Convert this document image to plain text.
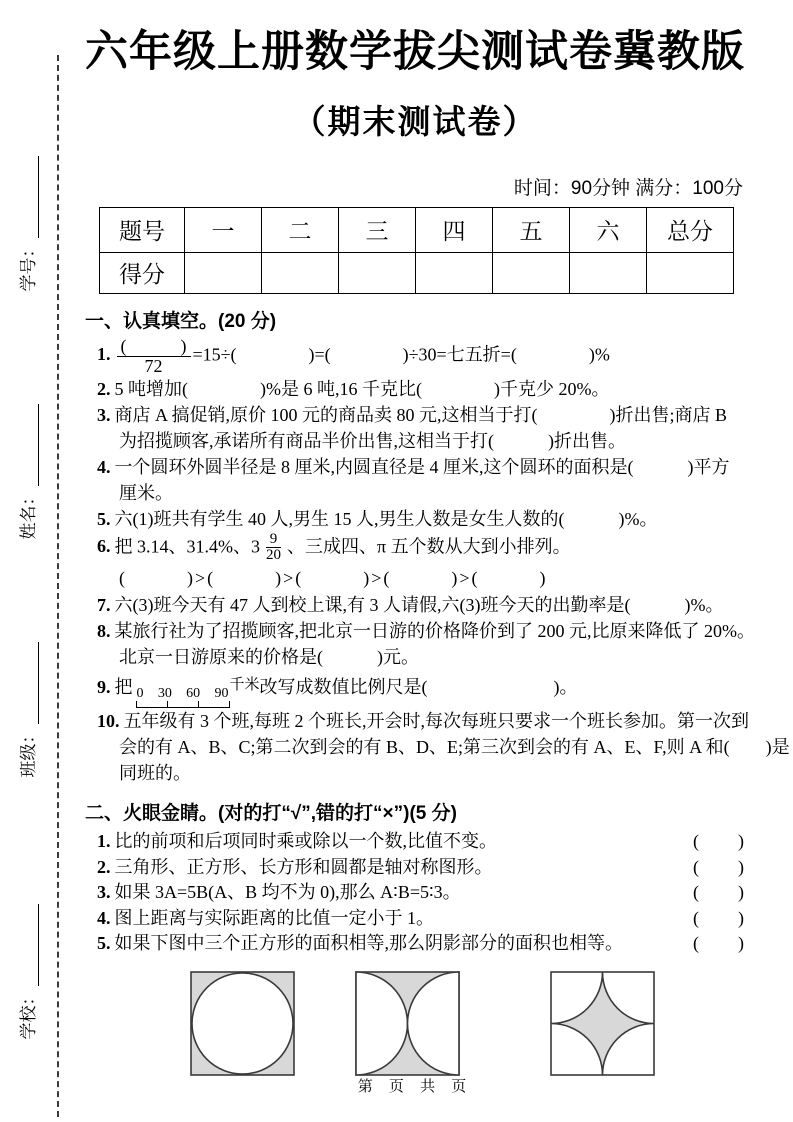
学号：
姓名：
班级：
学校：
六年级上册数学拔尖测试卷冀教版
（期末测试卷）
时间：90分钟 满分：100分
题号	一	二	三	四	五	六	总分
得分							
一、认真填空。(20 分)
1. $\frac{( )}{72} =15\div$(　　　　)=(　　　　)÷30=七五折=(　　　　)%
2. 5 吨增加(　　　　)%是 6 吨,16 千克比(　　　　)千克少 20%。
3. 商店 A 搞促销,原价 100 元的商品卖 80 元,这相当于打(　　　　)折出售;商店 B
为招揽顾客,承诺所有商品半价出售,这相当于打(　　　)折出售。
4. 一个圆环外圆半径是 8 厘米,内圆直径是 4 厘米,这个圆环的面积是(　　　)平方
厘米。
5. 六(1)班共有学生 40 人,男生 15 人,男生人数是女生人数的(　　　)%。
6. 把 3.14、31.4%、$3 \frac{9}{20}$ 、三成四、π 五个数从大到小排列。
(　　　)>(　　　)>(　　　)>(　　　)>(　　　)
7. 六(3)班今天有 47 人到校上课,有 3 人请假,六(3)班今天的出勤率是(　　　)%。
8. 某旅行社为了招揽顾客,把北京一日游的价格降价到了 200 元,比原来降低了 20%。
北京一日游原来的价格是(　　　)元。
9. 把 0 30 60 90
$^{千米}$改写成数值比例尺是(　　　　　　　)。
10. 五年级有 3 个班,每班 2 个班长,开会时,每次每班只要求一个班长参加。第一次到
会的有 A、B、C;第二次到会的有 B、D、E;第三次到会的有 A、E、F,则 A 和(　　)是
同班的。
二、火眼金睛。(对的打“√”,错的打“×”)(5 分)
1. 比的前项和后项同时乘或除以一个数,比值不变。	(　　)
2. 三角形、正方形、长方形和圆都是轴对称图形。	(　　)
3. 如果 3A=5B(A、B 均不为 0),那么 A∶B=5∶3。	(　　)
4. 图上距离与实际距离的比值一定小于 1。	(　　)
5. 如果下图中三个正方形的面积相等,那么阴影部分的面积也相等。	(　　)
第 页 共 页
